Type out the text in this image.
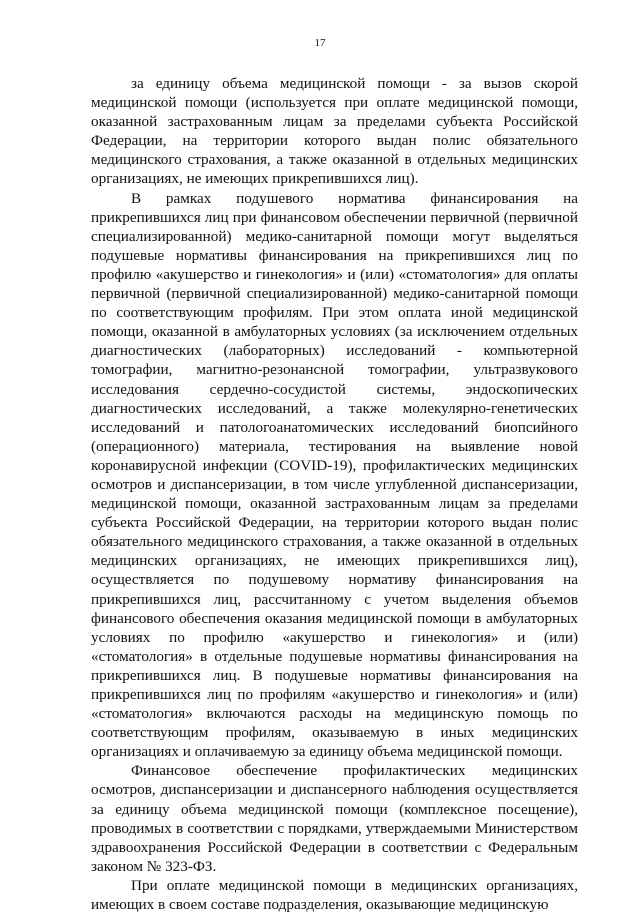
17

за единицу объема медицинской помощи - за вызов скорой медицинской помощи (используется при оплате медицинской помощи, оказанной застрахованным лицам за пределами субъекта Российской Федерации, на территории которого выдан полис обязательного медицинского страхования, а также оказанной в отдельных медицинских организациях, не имеющих прикрепившихся лиц).

В рамках подушевого норматива финансирования на прикрепившихся лиц при финансовом обеспечении первичной (первичной специализированной) медико-санитарной помощи могут выделяться подушевые нормативы финансирования на прикрепившихся лиц по профилю «акушерство и гинекология» и (или) «стоматология» для оплаты первичной (первичной специализированной) медико-санитарной помощи по соответствующим профилям. При этом оплата иной медицинской помощи, оказанной в амбулаторных условиях (за исключением отдельных диагностических (лабораторных) исследований - компьютерной томографии, магнитно-резонансной томографии, ультразвукового исследования сердечно-сосудистой системы, эндоскопических диагностических исследований, а также молекулярно-генетических исследований и патологоанатомических исследований биопсийного (операционного) материала, тестирования на выявление новой коронавирусной инфекции (COVID-19), профилактических медицинских осмотров и диспансеризации, в том числе углубленной диспансеризации, медицинской помощи, оказанной застрахованным лицам за пределами субъекта Российской Федерации, на территории которого выдан полис обязательного медицинского страхования, а также оказанной в отдельных медицинских организациях, не имеющих прикрепившихся лиц), осуществляется по подушевому нормативу финансирования на прикрепившихся лиц, рассчитанному с учетом выделения объемов финансового обеспечения оказания медицинской помощи в амбулаторных условиях по профилю «акушерство и гинекология» и (или) «стоматология» в отдельные подушевые нормативы финансирования на прикрепившихся лиц. В подушевые нормативы финансирования на прикрепившихся лиц по профилям «акушерство и гинекология» и (или) «стоматология» включаются расходы на медицинскую помощь по соответствующим профилям, оказываемую в иных медицинских организациях и оплачиваемую за единицу объема медицинской помощи.

Финансовое обеспечение профилактических медицинских осмотров, диспансеризации и диспансерного наблюдения осуществляется за единицу объема медицинской помощи (комплексное посещение), проводимых в соответствии с порядками, утверждаемыми Министерством здравоохранения Российской Федерации в соответствии с Федеральным законом № 323-ФЗ.

При оплате медицинской помощи в медицинских организациях, имеющих в своем составе подразделения, оказывающие медицинскую
